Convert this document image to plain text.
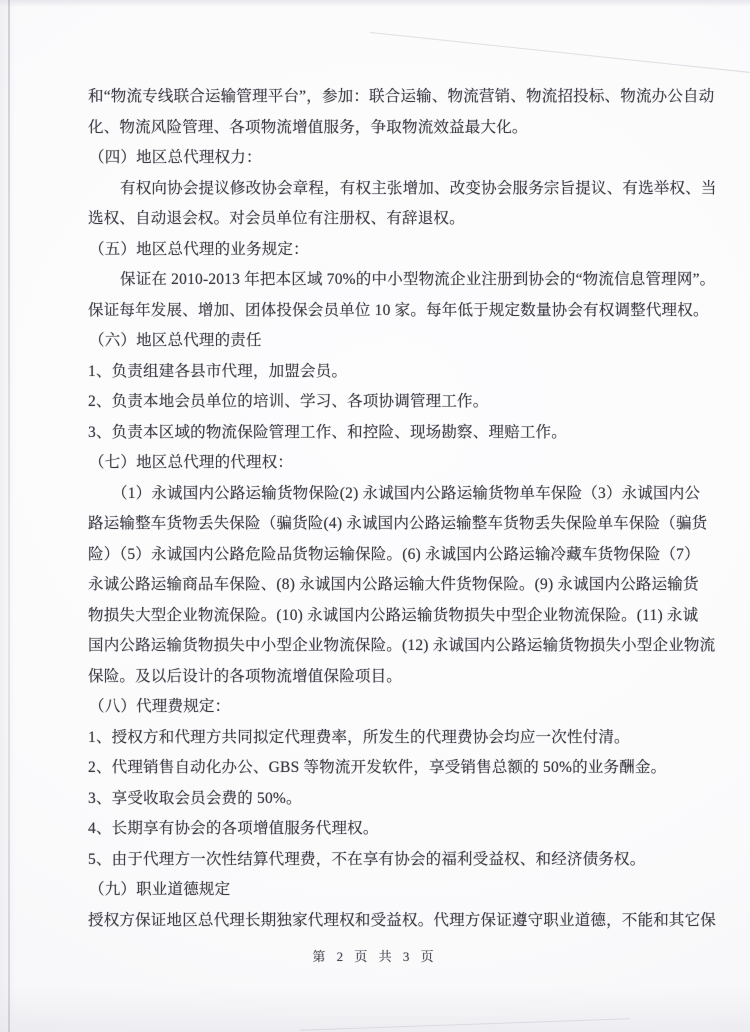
和“物流专线联合运输管理平台”，参加：联合运输、物流营销、物流招投标、物流办公自动
化、物流风险管理、各项物流增值服务，争取物流效益最大化。
（四）地区总代理权力：
有权向协会提议修改协会章程，有权主张增加、改变协会服务宗旨提议、有选举权、当
选权、自动退会权。对会员单位有注册权、有辞退权。
（五）地区总代理的业务规定：
保证在 2010-2013 年把本区域 70%的中小型物流企业注册到协会的“物流信息管理网”。
保证每年发展、增加、团体投保会员单位 10 家。每年低于规定数量协会有权调整代理权。
（六）地区总代理的责任
1、负责组建各县市代理，加盟会员。
2、负责本地会员单位的培训、学习、各项协调管理工作。
3、负责本区域的物流保险管理工作、和控险、现场勘察、理赔工作。
（七）地区总代理的代理权：
（1）永诚国内公路运输货物保险(2) 永诚国内公路运输货物单车保险（3）永诚国内公
路运输整车货物丢失保险（骗货险(4) 永诚国内公路运输整车货物丢失保险单车保险（骗货
险）（5）永诚国内公路危险品货物运输保险。(6) 永诚国内公路运输冷藏车货物保险（7）
永诚公路运输商品车保险、(8) 永诚国内公路运输大件货物保险。(9) 永诚国内公路运输货
物损失大型企业物流保险。(10) 永诚国内公路运输货物损失中型企业物流保险。(11) 永诚
国内公路运输货物损失中小型企业物流保险。(12) 永诚国内公路运输货物损失小型企业物流
保险。及以后设计的各项物流增值保险项目。
（八）代理费规定：
1、授权方和代理方共同拟定代理费率，所发生的代理费协会均应一次性付清。
2、代理销售自动化办公、GBS 等物流开发软件，享受销售总额的 50%的业务酬金。
3、享受收取会员会费的 50%。
4、长期享有协会的各项增值服务代理权。
5、由于代理方一次性结算代理费，不在享有协会的福利受益权、和经济债务权。
（九）职业道德规定
授权方保证地区总代理长期独家代理权和受益权。代理方保证遵守职业道德，不能和其它保
第 2 页 共 3 页
